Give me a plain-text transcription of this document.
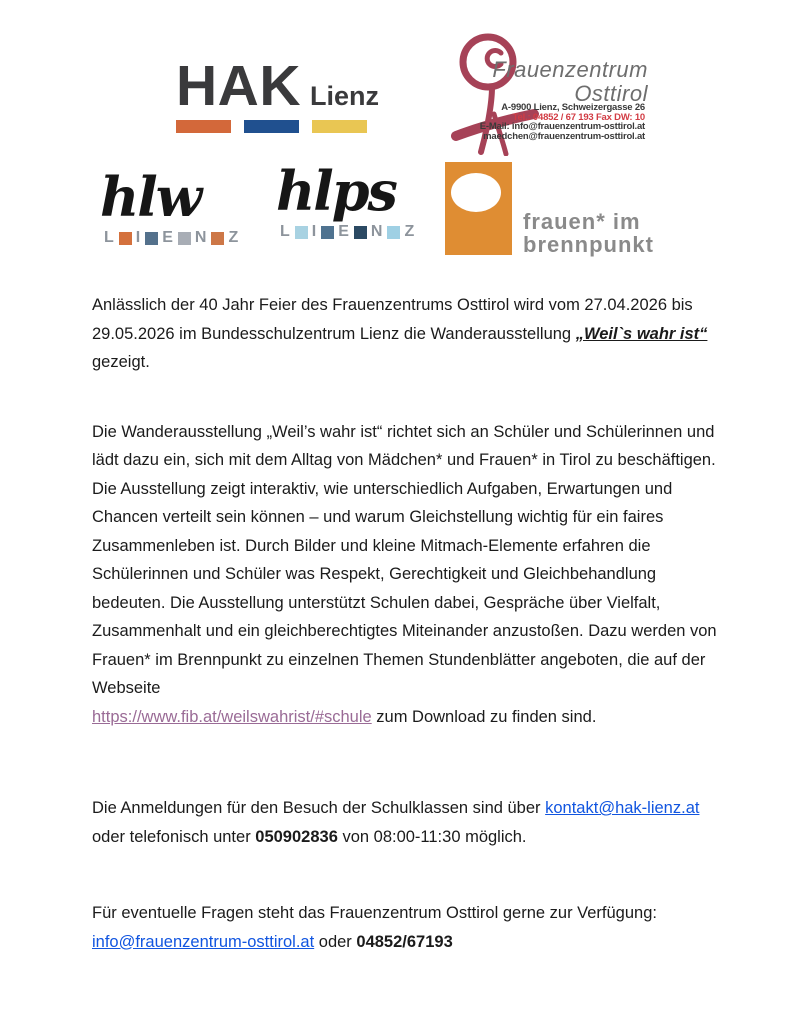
HAK Lienz
Frauenzentrum
Osttirol
A-9900 Lienz, Schweizergasse 26
Tel.: 04852 / 67 193 Fax DW: 10
E-Mail: info@frauenzentrum-osttirol.at
maedchen@frauenzentrum-osttirol.at
hlw
L I E N Z
hlps
L I E N Z	frauen* im
brennpunkt

Anlässlich der 40 Jahr Feier des Frauenzentrums Osttirol wird vom 27.04.2026 bis 29.05.2026 im Bundesschulzentrum Lienz die Wanderausstellung „Weil`s wahr ist“ gezeigt.

Die Wanderausstellung „Weil’s wahr ist“ richtet sich an Schüler und Schülerinnen und lädt dazu ein, sich mit dem Alltag von Mädchen* und Frauen* in Tirol zu beschäftigen. Die Ausstellung zeigt interaktiv, wie unterschiedlich Aufgaben, Erwartungen und Chancen verteilt sein können – und warum Gleichstellung wichtig für ein faires Zusammenleben ist. Durch Bilder und kleine Mitmach-Elemente erfahren die Schülerinnen und Schüler was Respekt, Gerechtigkeit und Gleichbehandlung bedeuten. Die Ausstellung unterstützt Schulen dabei, Gespräche über Vielfalt, Zusammenhalt und ein gleichberechtigtes Miteinander anzustoßen. Dazu werden von Frauen* im Brennpunkt zu einzelnen Themen Stundenblätter angeboten, die auf der Webseite
https://www.fib.at/weilswahrist/#schule zum Download zu finden sind.

Die Anmeldungen für den Besuch der Schulklassen sind über kontakt@hak-lienz.at oder telefonisch unter 050902836 von 08:00-11:30 möglich.

Für eventuelle Fragen steht das Frauenzentrum Osttirol gerne zur Verfügung: info@frauenzentrum-osttirol.at oder 04852/67193
